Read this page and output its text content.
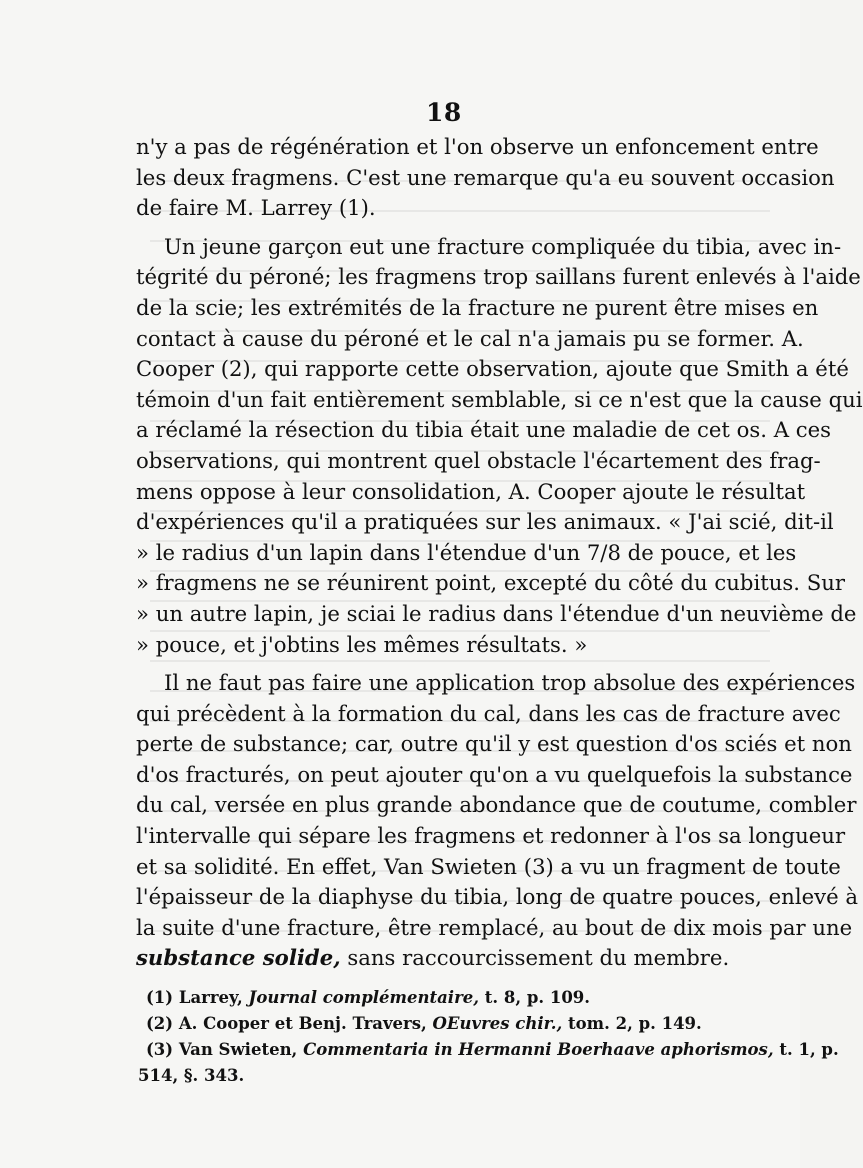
18
n'y a pas de régénération et l'on observe un enfoncement entre
les deux fragmens. C'est une remarque qu'a eu souvent occasion
de faire M. Larrey (1).
Un jeune garçon eut une fracture compliquée du tibia, avec in-
tégrité du péroné; les fragmens trop saillans furent enlevés à l'aide
de la scie; les extrémités de la fracture ne purent être mises en
contact à cause du péroné et le cal n'a jamais pu se former. A.
Cooper (2), qui rapporte cette observation, ajoute que Smith a été
témoin d'un fait entièrement semblable, si ce n'est que la cause qui
a réclamé la résection du tibia était une maladie de cet os. A ces
observations, qui montrent quel obstacle l'écartement des frag-
mens oppose à leur consolidation, A. Cooper ajoute le résultat
d'expériences qu'il a pratiquées sur les animaux. « J'ai scié, dit-il
» le radius d'un lapin dans l'étendue d'un 7/8 de pouce, et les
» fragmens ne se réunirent point, excepté du côté du cubitus. Sur
» un autre lapin, je sciai le radius dans l'étendue d'un neuvième de
» pouce, et j'obtins les mêmes résultats. »
Il ne faut pas faire une application trop absolue des expériences
qui précèdent à la formation du cal, dans les cas de fracture avec
perte de substance; car, outre qu'il y est question d'os sciés et non
d'os fracturés, on peut ajouter qu'on a vu quelquefois la substance
du cal, versée en plus grande abondance que de coutume, combler
l'intervalle qui sépare les fragmens et redonner à l'os sa longueur
et sa solidité. En effet, Van Swieten (3) a vu un fragment de toute
l'épaisseur de la diaphyse du tibia, long de quatre pouces, enlevé à
la suite d'une fracture, être remplacé, au bout de dix mois par une
substance solide, sans raccourcissement du membre.
(1) Larrey, Journal complémentaire, t. 8, p. 109.
(2) A. Cooper et Benj. Travers, OEuvres chir., tom. 2, p. 149.
(3) Van Swieten, Commentaria in Hermanni Boerhaave aphorismos, t. 1, p.
514, §. 343.
